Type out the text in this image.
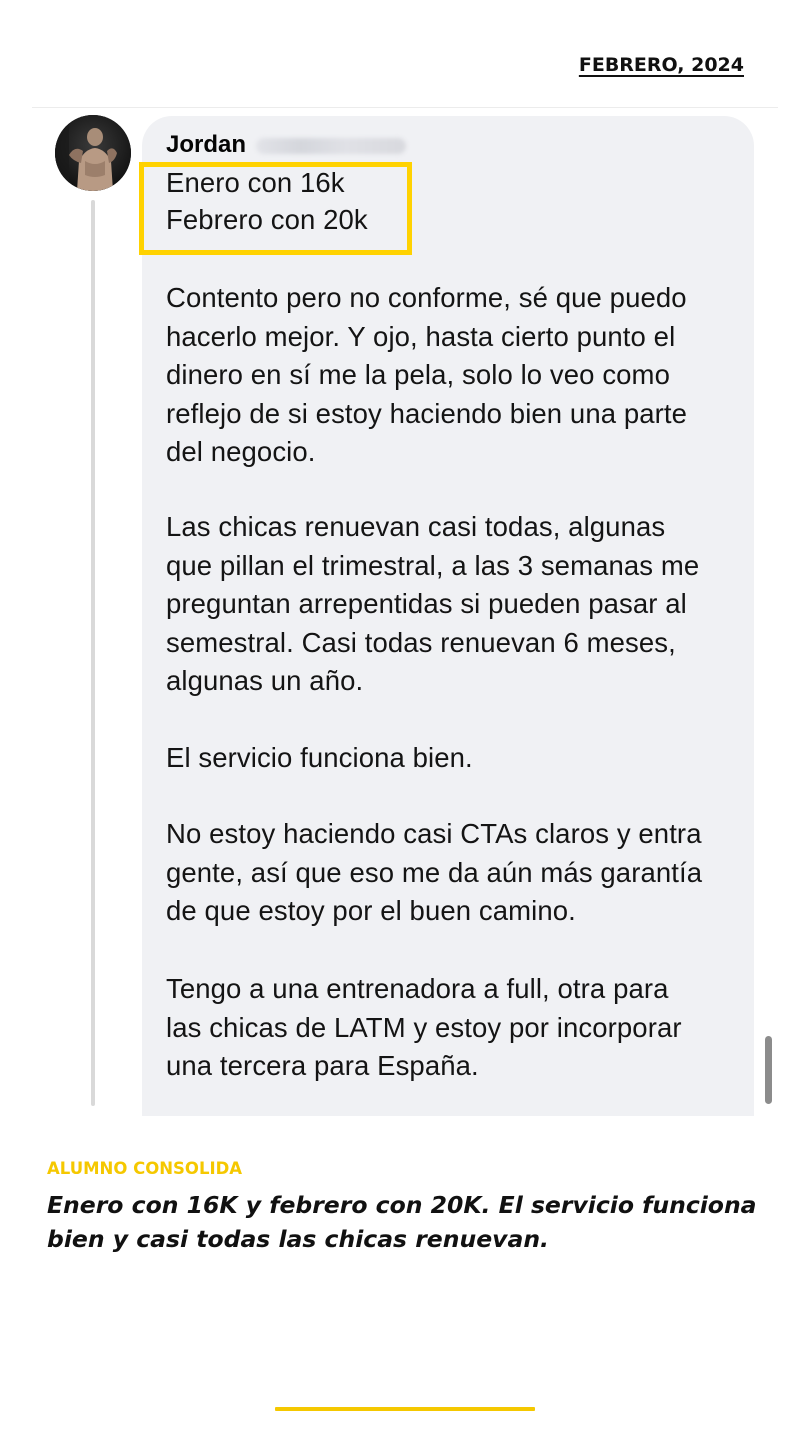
FEBRERO, 2024
Jordan
Enero con 16k
Febrero con 20k
Contento pero no conforme, sé que puedo
hacerlo mejor. Y ojo, hasta cierto punto el
dinero en sí me la pela, solo lo veo como
reflejo de si estoy haciendo bien una parte
del negocio.
Las chicas renuevan casi todas, algunas
que pillan el trimestral, a las 3 semanas me
preguntan arrepentidas si pueden pasar al
semestral. Casi todas renuevan 6 meses,
algunas un año.
El servicio funciona bien.
No estoy haciendo casi CTAs claros y entra
gente, así que eso me da aún más garantía
de que estoy por el buen camino.
Tengo a una entrenadora a full, otra para
las chicas de LATM y estoy por incorporar
una tercera para España.
ALUMNO CONSOLIDA
Enero con 16K y febrero con 20K. El servicio funciona bien y casi todas las chicas renuevan.
